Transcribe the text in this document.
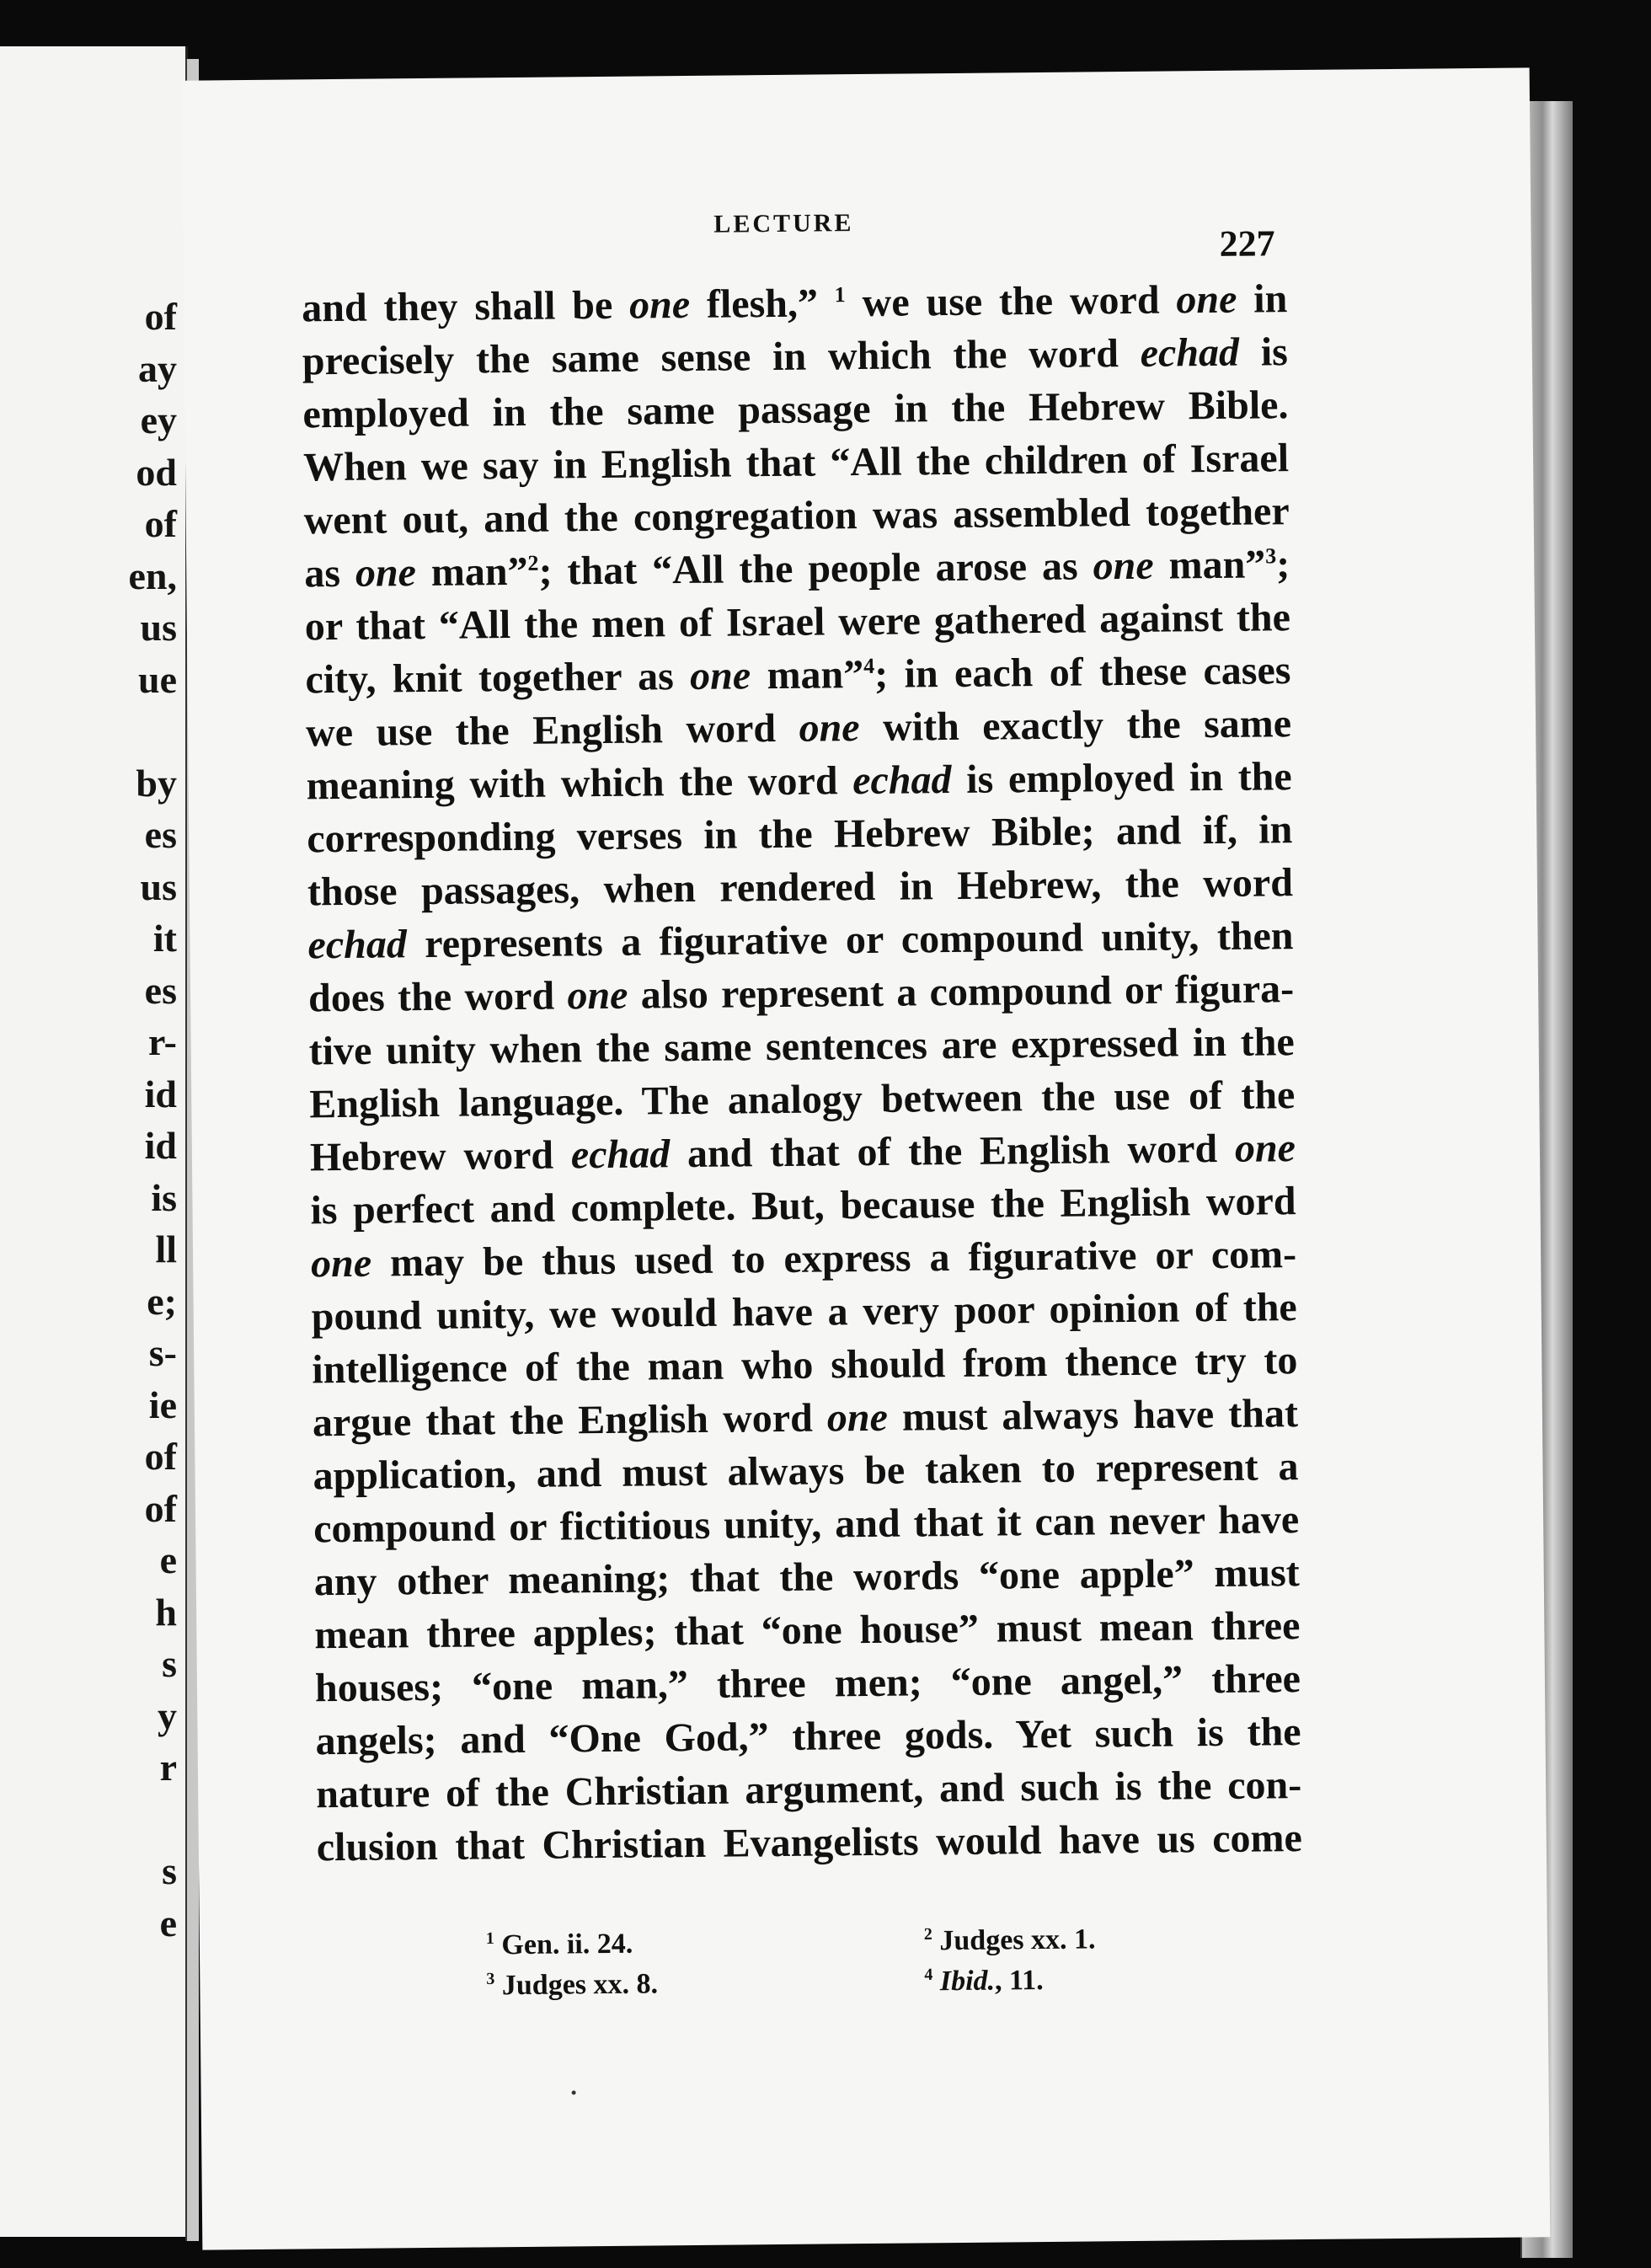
of
ay
ey
od
of
en,
us
ue

by
es
us
it
es
r-
id
id
is
ll
e;
s-
ie
of
of
e
h
s
y
r

s
e
LECTURE	227
and they shall be one flesh,” $^1$ we use the word one in
precisely the same sense in which the word echad is
employed in the same passage in the Hebrew Bible.
When we say in English that “All the children of Israel
went out, and the congregation was assembled together
as one man”$^2$; that “All the people arose as one man”$^3$;
or that “All the men of Israel were gathered against the
city, knit together as one man”$^4$; in each of these cases
we use the English word one with exactly the same
meaning with which the word echad is employed in the
corresponding verses in the Hebrew Bible; and if, in
those passages, when rendered in Hebrew, the word
echad represents a figurative or compound unity, then
does the word one also represent a compound or figura-
tive unity when the same sentences are expressed in the
English language. The analogy between the use of the
Hebrew word echad and that of the English word one
is perfect and complete. But, because the English word
one may be thus used to express a figurative or com-
pound unity, we would have a very poor opinion of the
intelligence of the man who should from thence try to
argue that the English word one must always have that
application, and must always be taken to represent a
compound or fictitious unity, and that it can never have
any other meaning; that the words “one apple” must
mean three apples; that “one house” must mean three
houses; “one man,” three men; “one angel,” three
angels; and “One God,” three gods. Yet such is the
nature of the Christian argument, and such is the con-
clusion that Christian Evangelists would have us come
$^1$ Gen. ii. 24.	$^2$ Judges xx. 1.
$^3$ Judges xx. 8.	$^4$ Ibid., 11.
